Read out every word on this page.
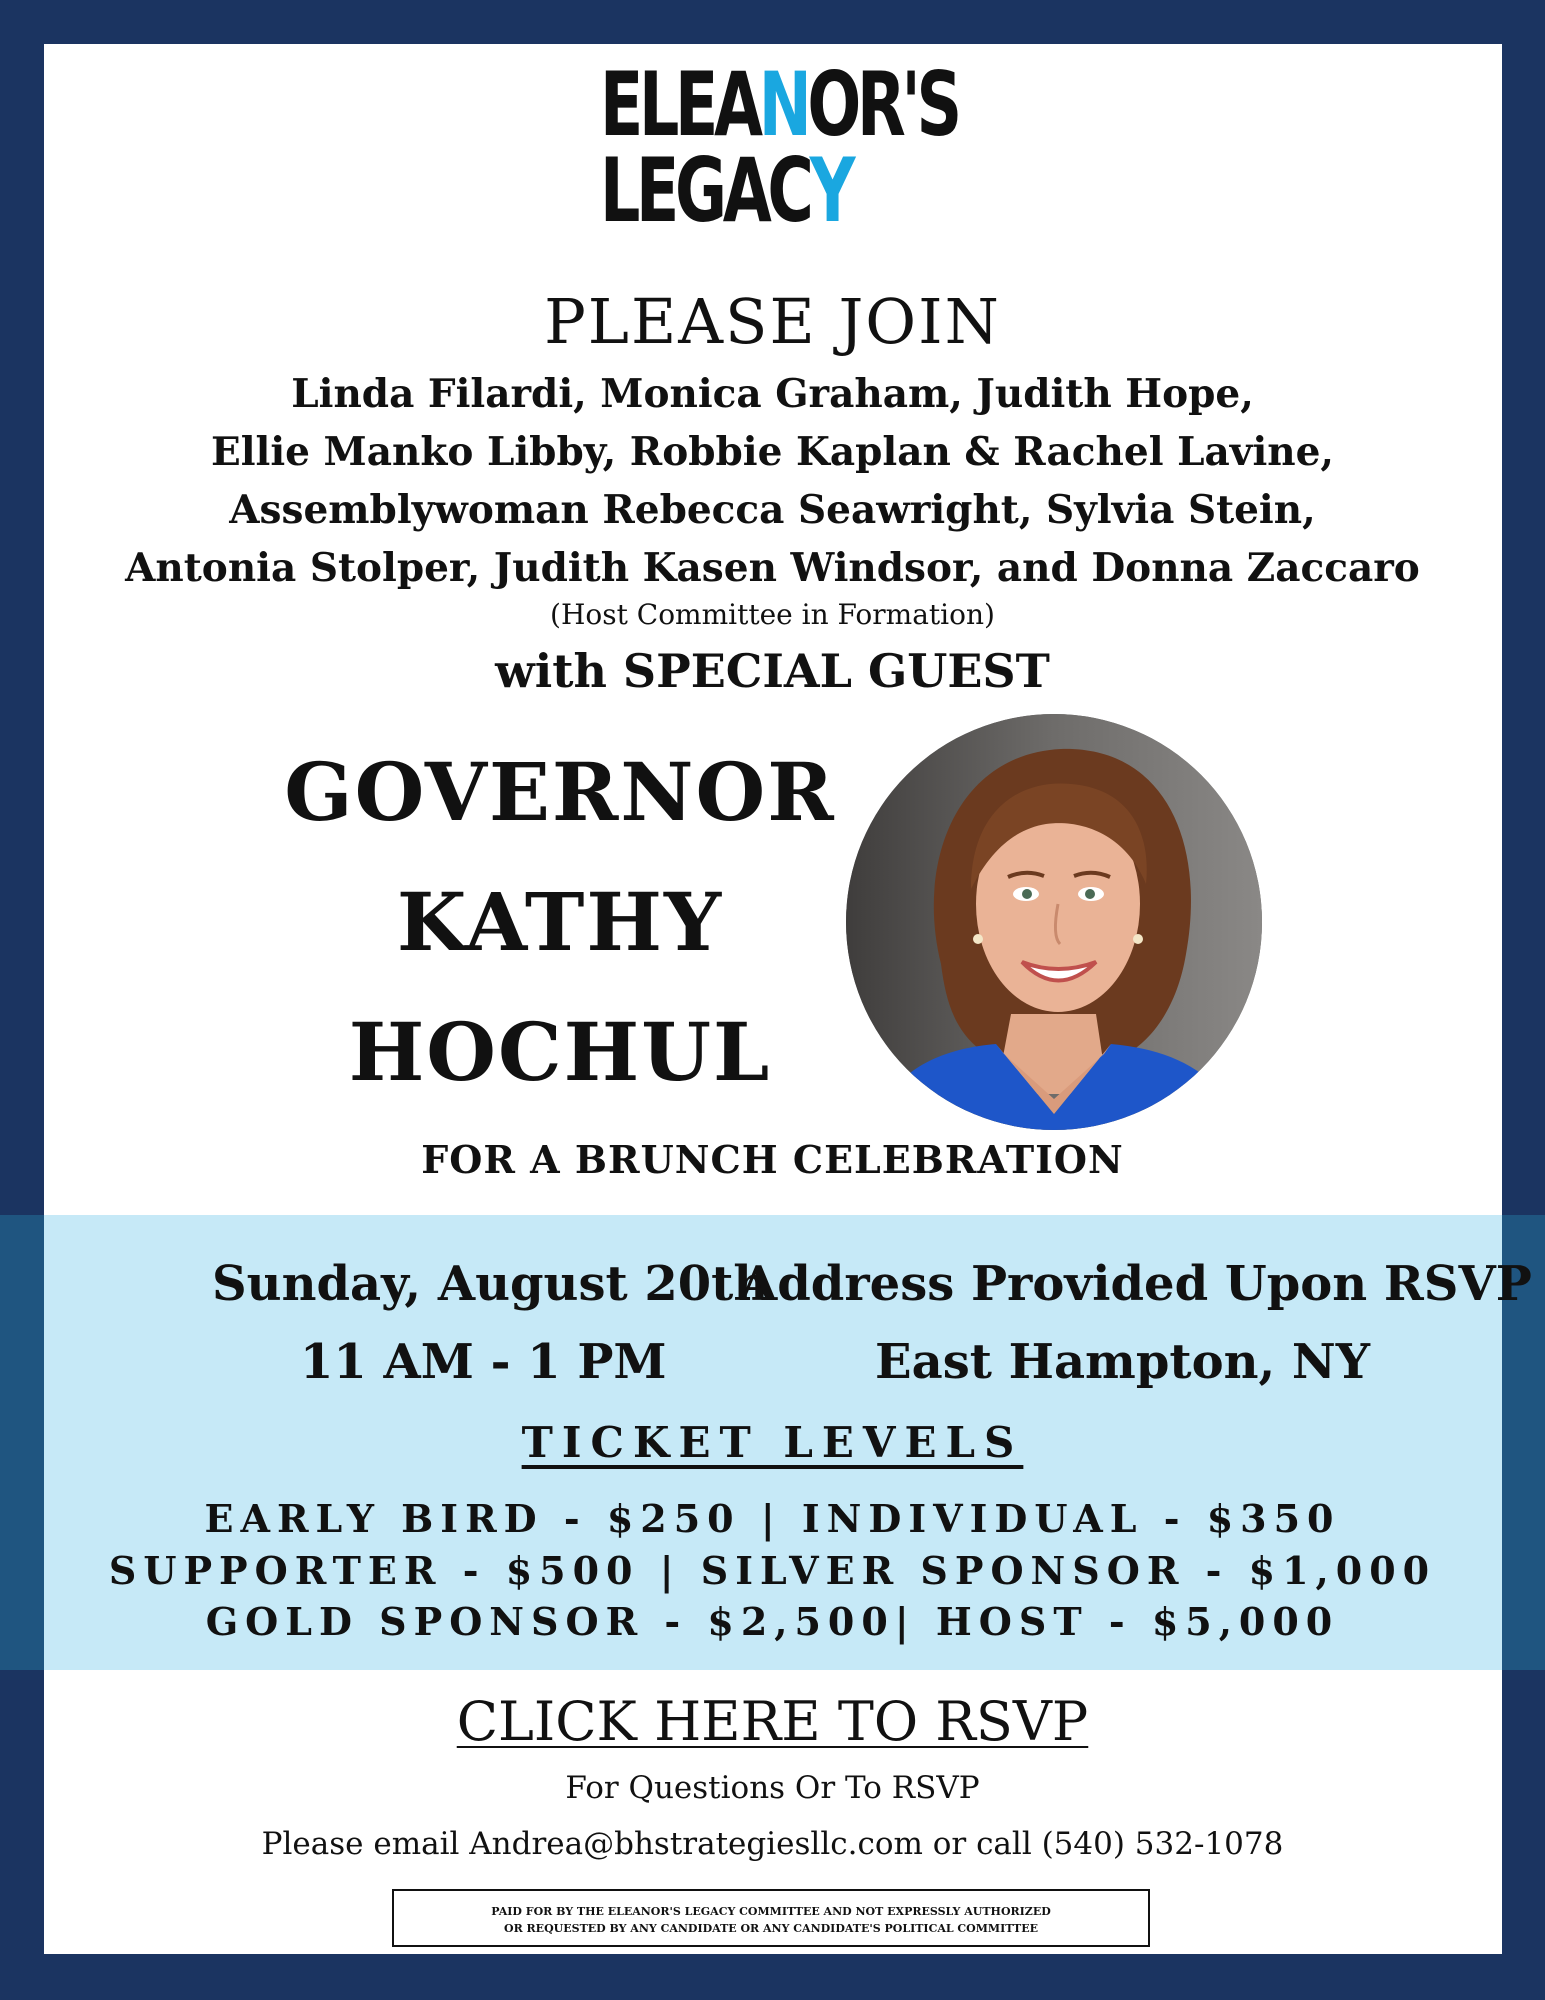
ELEANOR'S
LEGACY
PLEASE JOIN
Linda Filardi, Monica Graham, Judith Hope,
Ellie Manko Libby, Robbie Kaplan & Rachel Lavine,
Assemblywoman Rebecca Seawright, Sylvia Stein,
Antonia Stolper, Judith Kasen Windsor, and Donna Zaccaro
(Host Committee in Formation)
with SPECIAL GUEST
GOVERNOR
KATHY
HOCHUL
FOR A BRUNCH CELEBRATION
Sunday, August 20th
11 AM - 1 PM
Address Provided Upon RSVP
East Hampton, NY
TICKET LEVELS
EARLY BIRD - $250 | INDIVIDUAL - $350
SUPPORTER - $500 | SILVER SPONSOR - $1,000
GOLD SPONSOR - $2,500| HOST - $5,000
CLICK HERE TO RSVP
For Questions Or To RSVP
Please email Andrea@bhstrategiesllc.com or call (540) 532-1078
PAID FOR BY THE ELEANOR'S LEGACY COMMITTEE AND NOT EXPRESSLY AUTHORIZED
OR REQUESTED BY ANY CANDIDATE OR ANY CANDIDATE'S POLITICAL COMMITTEE
